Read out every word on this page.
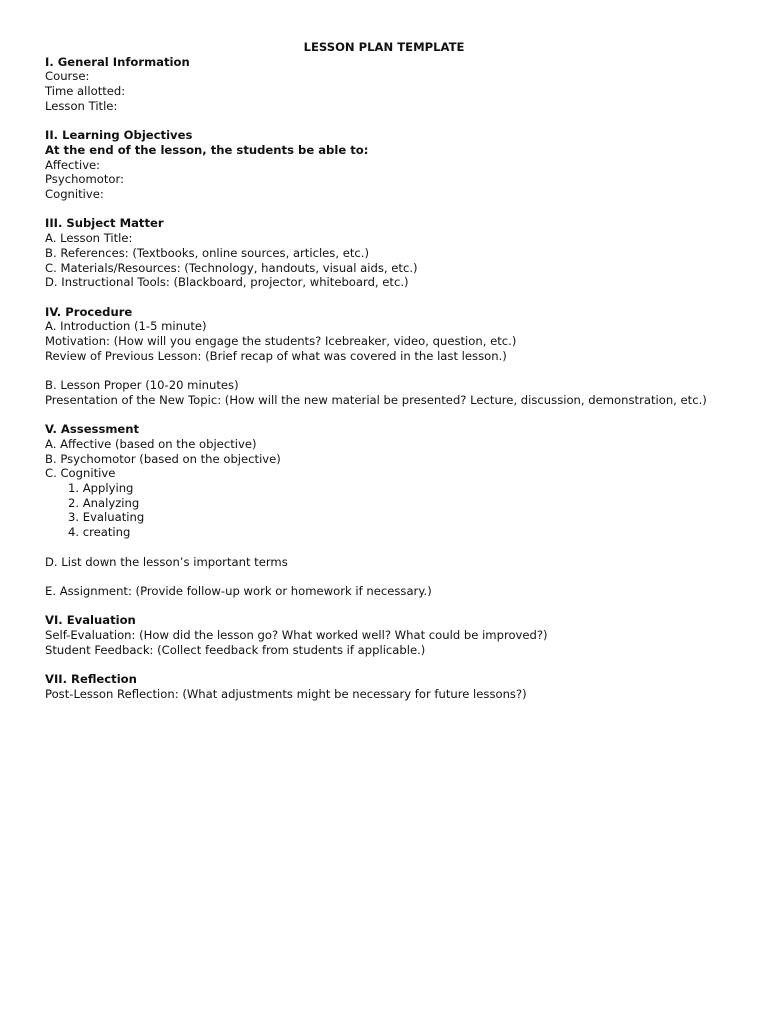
LESSON PLAN TEMPLATE
I. General Information
Course:
Time allotted:
Lesson Title:
II. Learning Objectives
At the end of the lesson, the students be able to:
Affective:
Psychomotor:
Cognitive:
III. Subject Matter
A. Lesson Title:
B. References: (Textbooks, online sources, articles, etc.)
C. Materials/Resources: (Technology, handouts, visual aids, etc.)
D. Instructional Tools: (Blackboard, projector, whiteboard, etc.)
IV. Procedure
A. Introduction (1-5 minute)
Motivation: (How will you engage the students? Icebreaker, video, question, etc.)
Review of Previous Lesson: (Brief recap of what was covered in the last lesson.)
B. Lesson Proper (10-20 minutes)
Presentation of the New Topic: (How will the new material be presented? Lecture, discussion, demonstration, etc.)
V. Assessment
A. Affective (based on the objective)
B. Psychomotor (based on the objective)
C. Cognitive
1. Applying
2. Analyzing
3. Evaluating
4. creating
D. List down the lesson’s important terms
E. Assignment: (Provide follow-up work or homework if necessary.)
VI. Evaluation
Self-Evaluation: (How did the lesson go? What worked well? What could be improved?)
Student Feedback: (Collect feedback from students if applicable.)
VII. Reflection
Post-Lesson Reflection: (What adjustments might be necessary for future lessons?)
